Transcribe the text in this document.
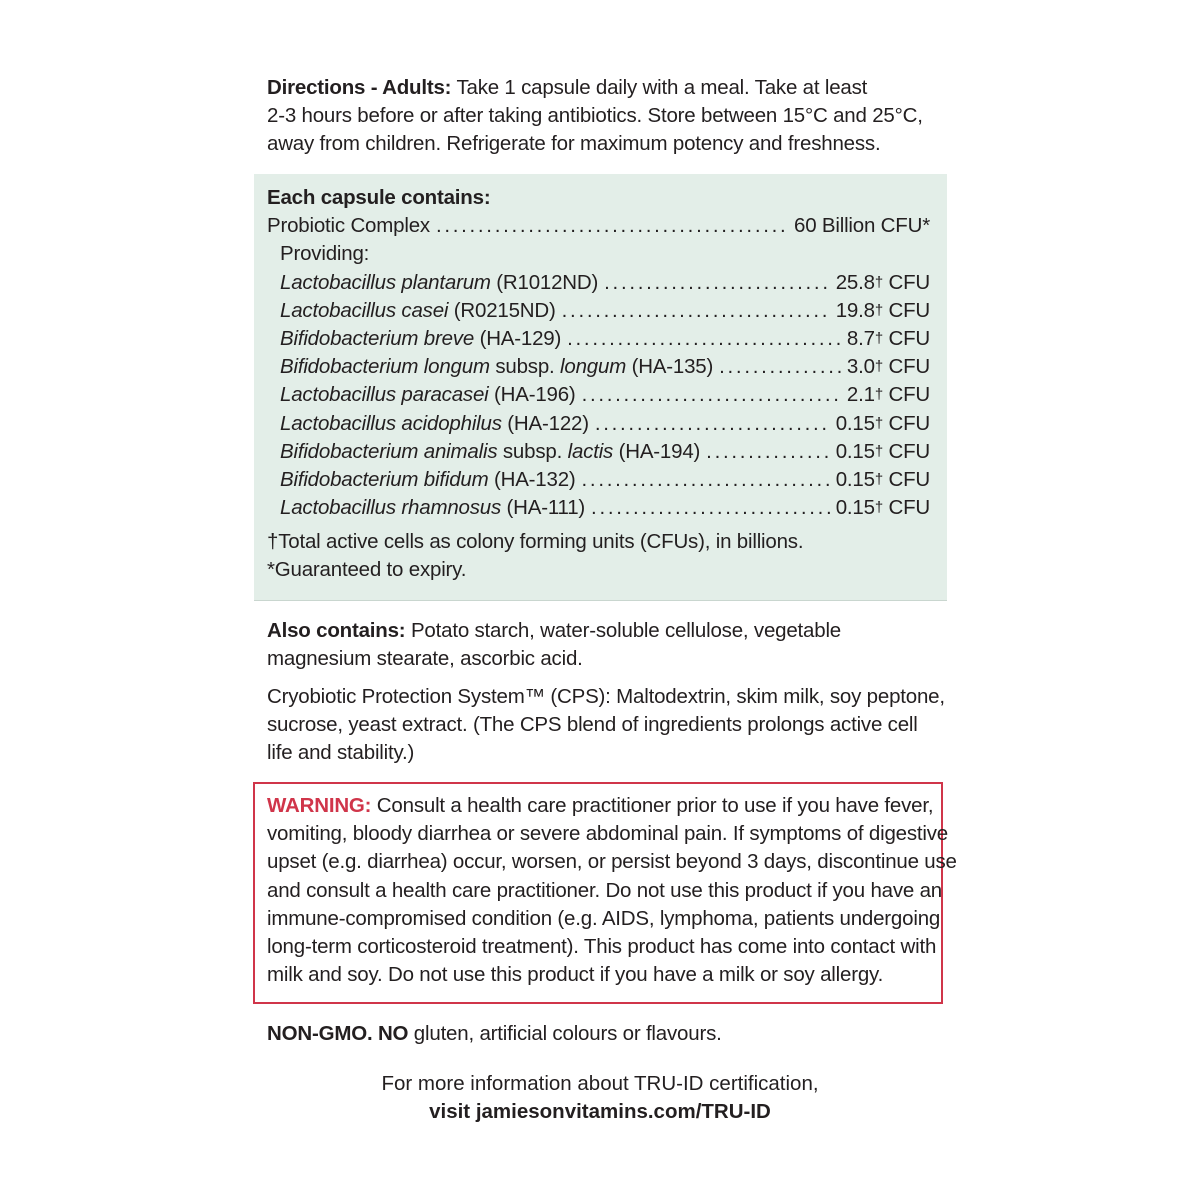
Directions - Adults: Take 1 capsule daily with a meal. Take at least
2-3 hours before or after taking antibiotics. Store between 15°C and 25°C,
away from children. Refrigerate for maximum potency and freshness.
Each capsule contains:
Probiotic Complex . . .	60 Billion CFU*
Providing:
Lactobacillus plantarum (R1012ND) . . .	25.8† CFU
Lactobacillus casei (R0215ND) . . .	19.8† CFU
Bifidobacterium breve (HA-129) . . .	8.7† CFU
Bifidobacterium longum subsp. longum (HA-135) . . .	3.0† CFU
Lactobacillus paracasei (HA-196) . . .	2.1† CFU
Lactobacillus acidophilus (HA-122) . . .	0.15† CFU
Bifidobacterium animalis subsp. lactis (HA-194) . . .	0.15† CFU
Bifidobacterium bifidum (HA-132) . . .	0.15† CFU
Lactobacillus rhamnosus (HA-111) . . .	0.15† CFU
†Total active cells as colony forming units (CFUs), in billions.
*Guaranteed to expiry.
Also contains: Potato starch, water-soluble cellulose, vegetable
magnesium stearate, ascorbic acid.
Cryobiotic Protection System™ (CPS): Maltodextrin, skim milk, soy peptone,
sucrose, yeast extract. (The CPS blend of ingredients prolongs active cell
life and stability.)
WARNING: Consult a health care practitioner prior to use if you have fever,
vomiting, bloody diarrhea or severe abdominal pain. If symptoms of digestive
upset (e.g. diarrhea) occur, worsen, or persist beyond 3 days, discontinue use
and consult a health care practitioner. Do not use this product if you have an
immune-compromised condition (e.g. AIDS, lymphoma, patients undergoing
long-term corticosteroid treatment). This product has come into contact with
milk and soy. Do not use this product if you have a milk or soy allergy.
NON-GMO. NO gluten, artificial colours or flavours.
For more information about TRU-ID certification,
visit jamiesonvitamins.com/TRU-ID
